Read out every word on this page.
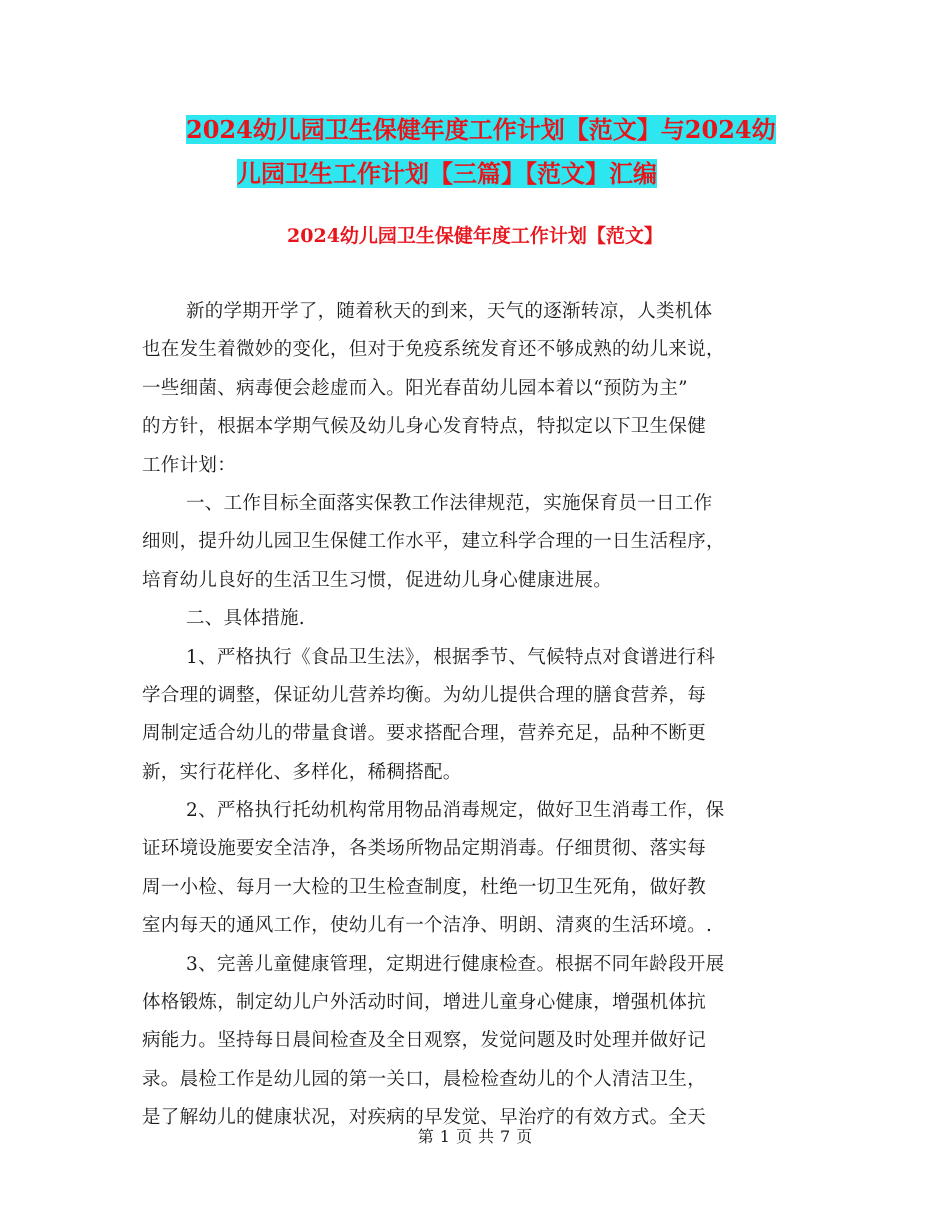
2024幼儿园卫生保健年度工作计划【范文】与2024幼
儿园卫生工作计划【三篇】【范文】汇编
2024幼儿园卫生保健年度工作计划【范文】
新的学期开学了，随着秋天的到来，天气的逐渐转凉，人类机体
也在发生着微妙的变化，但对于免疫系统发育还不够成熟的幼儿来说，
一些细菌、病毒便会趁虚而入。阳光春苗幼儿园本着以“预防为主”
的方针，根据本学期气候及幼儿身心发育特点，特拟定以下卫生保健
工作计划：
一、工作目标全面落实保教工作法律规范，实施保育员一日工作
细则，提升幼儿园卫生保健工作水平，建立科学合理的一日生活程序，
培育幼儿良好的生活卫生习惯，促进幼儿身心健康进展。
二、具体措施.
1、严格执行《食品卫生法》，根据季节、气候特点对食谱进行科
学合理的调整，保证幼儿营养均衡。为幼儿提供合理的膳食营养，每
周制定适合幼儿的带量食谱。要求搭配合理，营养充足，品种不断更
新，实行花样化、多样化，稀稠搭配。
2、严格执行托幼机构常用物品消毒规定，做好卫生消毒工作，保
证环境设施要安全洁净，各类场所物品定期消毒。仔细贯彻、落实每
周一小检、每月一大检的卫生检查制度，杜绝一切卫生死角，做好教
室内每天的通风工作，使幼儿有一个洁净、明朗、清爽的生活环境。.
3、完善儿童健康管理，定期进行健康检查。根据不同年龄段开展
体格锻炼，制定幼儿户外活动时间，增进儿童身心健康，增强机体抗
病能力。坚持每日晨间检查及全日观察，发觉问题及时处理并做好记
录。晨检工作是幼儿园的第一关口，晨检检查幼儿的个人清洁卫生，
是了解幼儿的健康状况，对疾病的早发觉、早治疗的有效方式。全天
第 1 页 共 7 页
